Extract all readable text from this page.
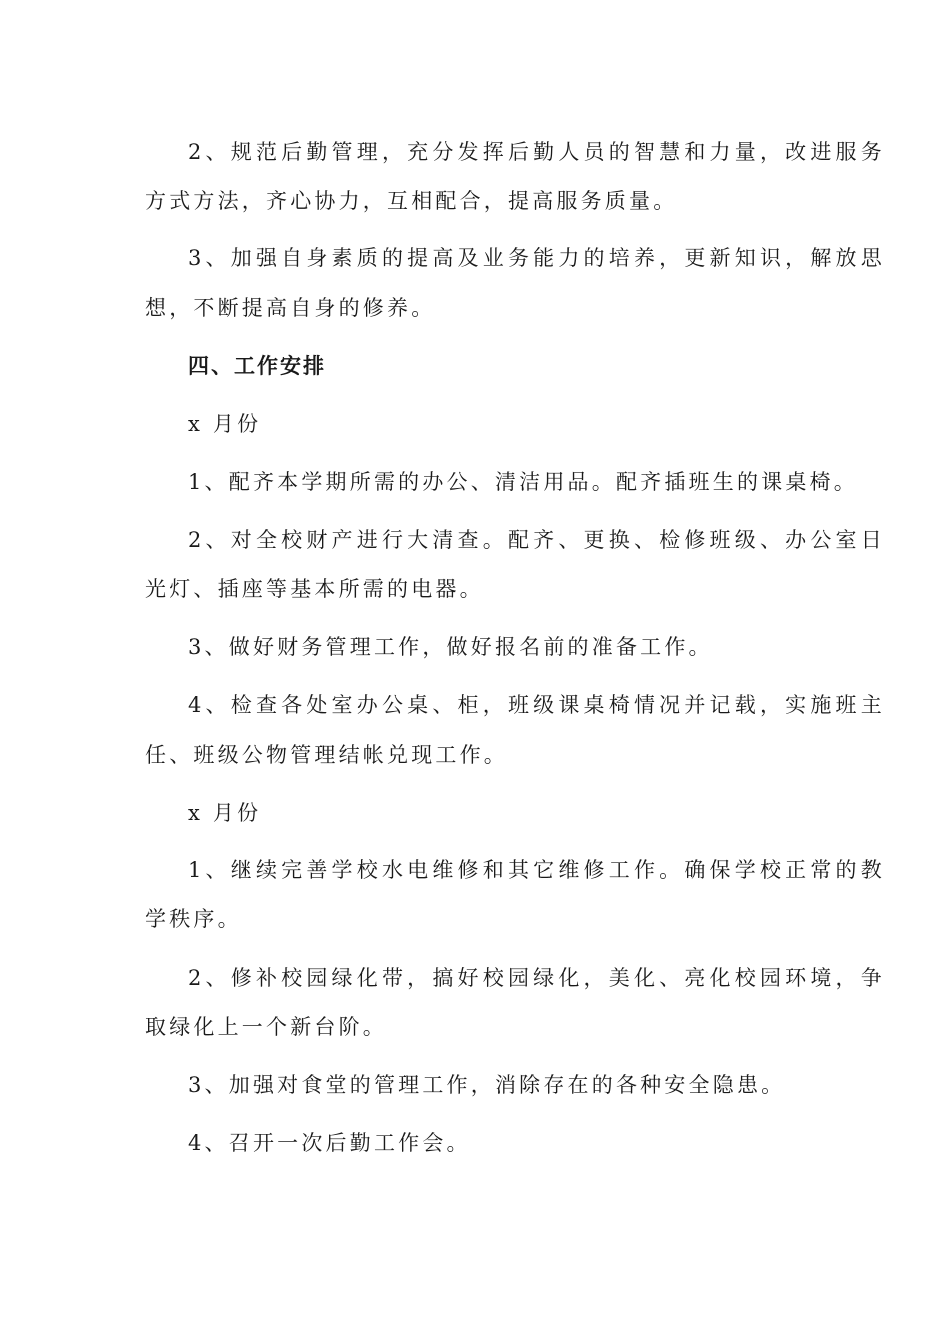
2、规范后勤管理，充分发挥后勤人员的智慧和力量，改进服务
方式方法，齐心协力，互相配合，提高服务质量。
3、加强自身素质的提高及业务能力的培养，更新知识，解放思
想，不断提高自身的修养。
四、工作安排
x 月份
1、配齐本学期所需的办公、清洁用品。配齐插班生的课桌椅。
2、对全校财产进行大清查。配齐、更换、检修班级、办公室日
光灯、插座等基本所需的电器。
3、做好财务管理工作，做好报名前的准备工作。
4、检查各处室办公桌、柜，班级课桌椅情况并记载，实施班主
任、班级公物管理结帐兑现工作。
x 月份
1、继续完善学校水电维修和其它维修工作。确保学校正常的教
学秩序。
2、修补校园绿化带，搞好校园绿化，美化、亮化校园环境，争
取绿化上一个新台阶。
3、加强对食堂的管理工作，消除存在的各种安全隐患。
4、召开一次后勤工作会。
